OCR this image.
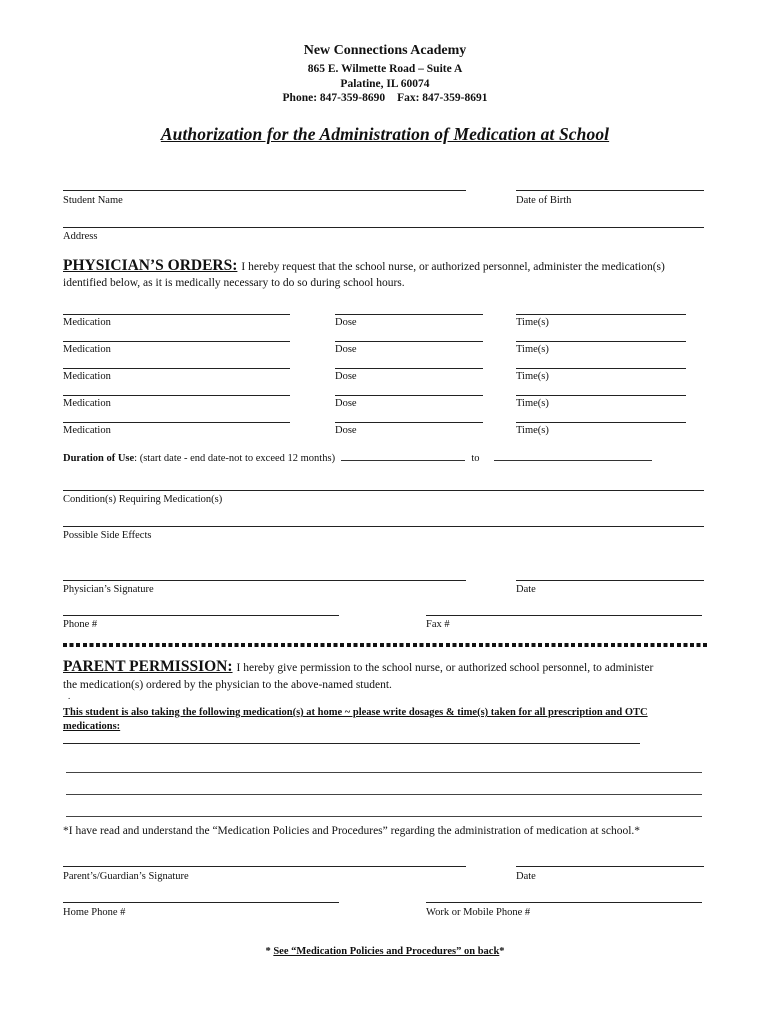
New Connections Academy
865 E. Wilmette Road – Suite A
Palatine, IL 60074
Phone: 847-359-8690 Fax: 847-359-8691
Authorization for the Administration of Medication at School
Student Name	Date of Birth
Address
PHYSICIAN’S ORDERS: I hereby request that the school nurse, or authorized personnel, administer the medication(s)
identified below, as it is medically necessary to do so during school hours.
Medication	Dose	Time(s)
Medication	Dose	Time(s)
Medication	Dose	Time(s)
Medication	Dose	Time(s)
Medication	Dose	Time(s)
Duration of Use: (start date - end date-not to exceed 12 months)	to
Condition(s) Requiring Medication(s)
Possible Side Effects
Physician’s Signature	Date
Phone #	Fax #
PARENT PERMISSION: I hereby give permission to the school nurse, or authorized school personnel, to administer
the medication(s) ordered by the physician to the above-named student.
.
This student is also taking the following medication(s) at home ~ please write dosages & time(s) taken for all prescription and OTC medications:
*I have read and understand the “Medication Policies and Procedures” regarding the administration of medication at school.*
Parent’s/Guardian’s Signature	Date
Home Phone #	Work or Mobile Phone #
* See “Medication Policies and Procedures” on back*
